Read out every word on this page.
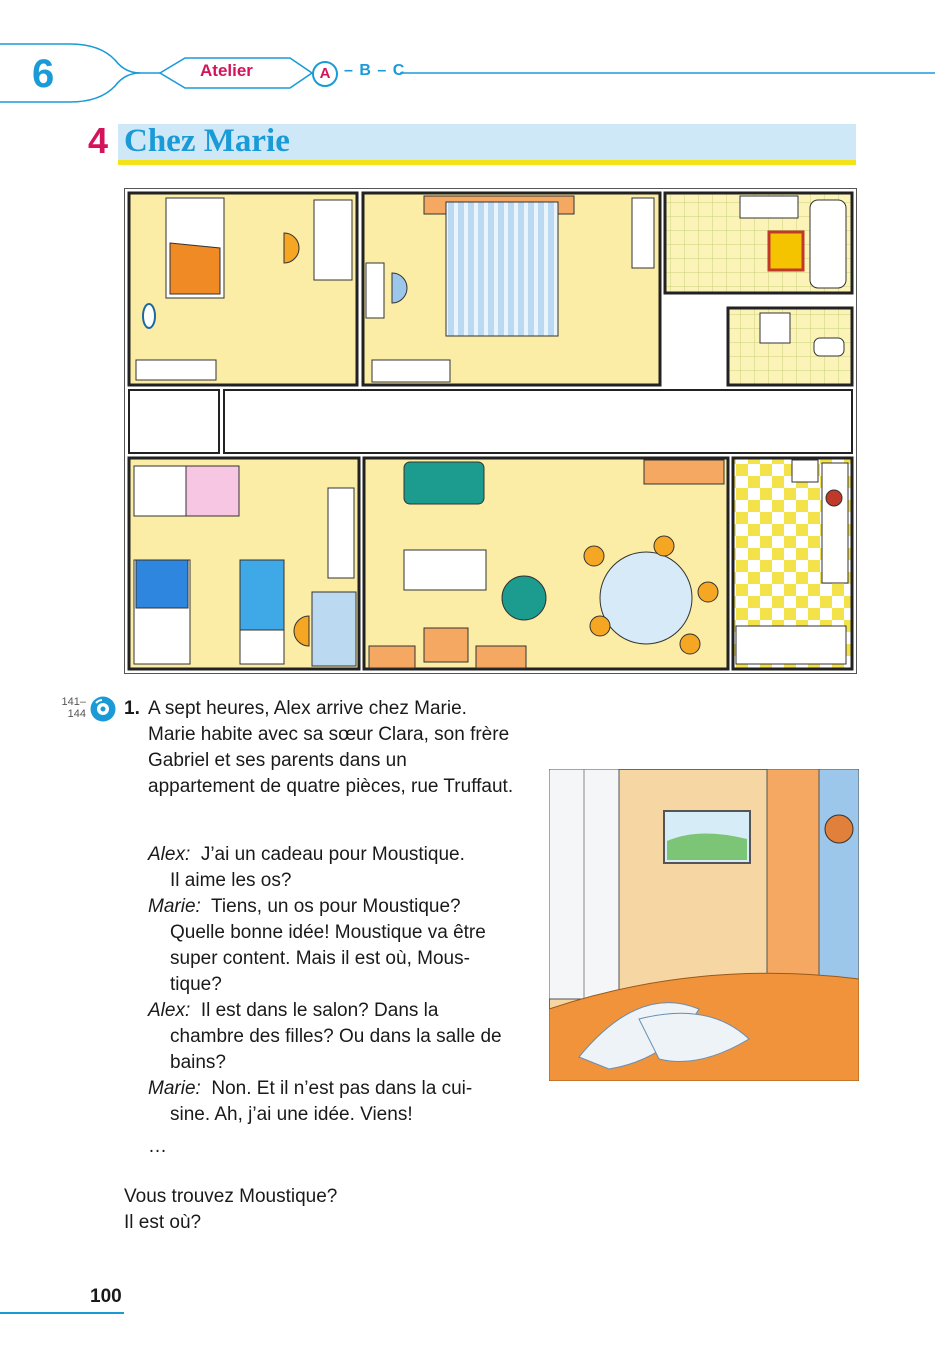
6	Atelier	A – B – C
4 Chez Marie
141–
144 1. A sept heures, Alex arrive chez Marie. Marie habite avec sa sœur Clara, son frère Gabriel et ses parents dans un appartement de quatre pièces, rue Truffaut.
Alex: J’ai un cadeau pour Moustique.
Il aime les os?
Marie: Tiens, un os pour Moustique?
Quelle bonne idée! Moustique va être
super content. Mais il est où, Mous-
tique?
Alex: Il est dans le salon? Dans la
chambre des filles? Ou dans la salle de
bains?
Marie: Non. Et il n’est pas dans la cui-
sine. Ah, j’ai une idée. Viens!
…
Vous trouvez Moustique?
Il est où?
100
